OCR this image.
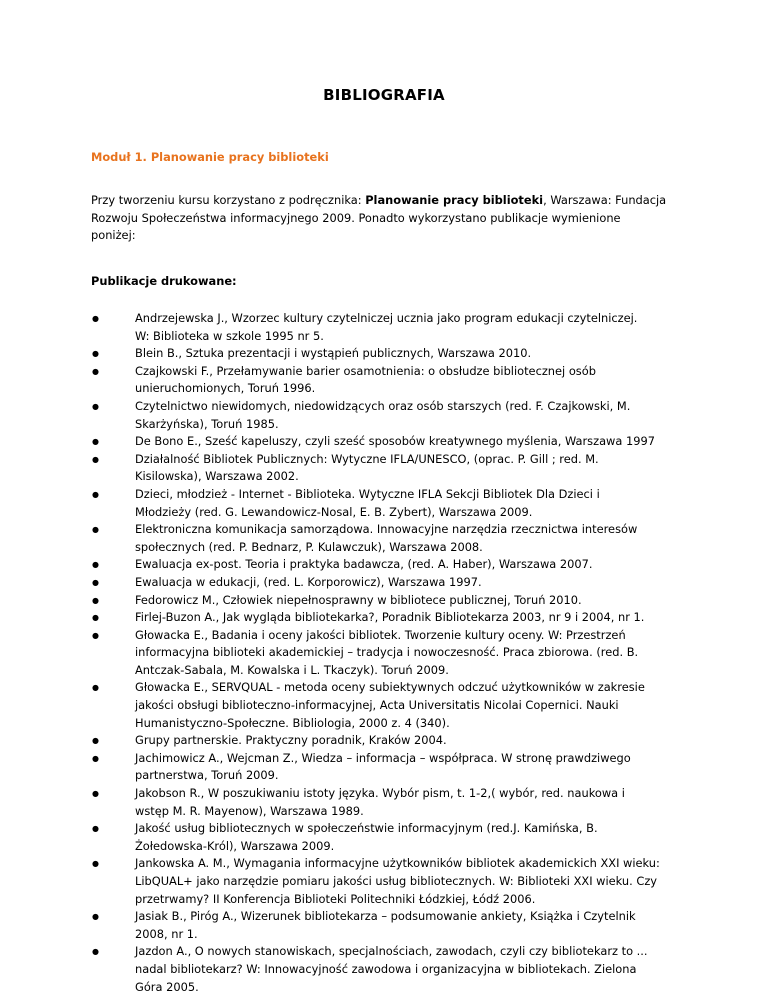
BIBLIOGRAFIA
Moduł 1. Planowanie pracy biblioteki
Przy tworzeniu kursu korzystano z podręcznika: Planowanie pracy biblioteki, Warszawa: Fundacja
Rozwoju Społeczeństwa informacyjnego 2009. Ponadto wykorzystano publikacje wymienione
poniżej:
Publikacje drukowane:
●	Andrzejewska J., Wzorzec kultury czytelniczej ucznia jako program edukacji czytelniczej.
W: Biblioteka w szkole 1995 nr 5.
●	Blein B., Sztuka prezentacji i wystąpień publicznych, Warszawa 2010.
●	Czajkowski F., Przełamywanie barier osamotnienia: o obsłudze bibliotecznej osób
unieruchomionych, Toruń 1996.
●	Czytelnictwo niewidomych, niedowidzących oraz osób starszych (red. F. Czajkowski, M.
Skarżyńska), Toruń 1985.
●	De Bono E., Sześć kapeluszy, czyli sześć sposobów kreatywnego myślenia, Warszawa 1997
●	Działalność Bibliotek Publicznych: Wytyczne IFLA/UNESCO, (oprac. P. Gill ; red. M.
Kisilowska), Warszawa 2002.
●	Dzieci, młodzież - Internet - Biblioteka. Wytyczne IFLA Sekcji Bibliotek Dla Dzieci i
Młodzieży (red. G. Lewandowicz-Nosal, E. B. Zybert), Warszawa 2009.
●	Elektroniczna komunikacja samorządowa. Innowacyjne narzędzia rzecznictwa interesów
społecznych (red. P. Bednarz, P. Kulawczuk), Warszawa 2008.
●	Ewaluacja ex-post. Teoria i praktyka badawcza, (red. A. Haber), Warszawa 2007.
●	Ewaluacja w edukacji, (red. L. Korporowicz), Warszawa 1997.
●	Fedorowicz M., Człowiek niepełnosprawny w bibliotece publicznej, Toruń 2010.
●	Firlej-Buzon A., Jak wygląda bibliotekarka?, Poradnik Bibliotekarza 2003, nr 9 i 2004, nr 1.
●	Głowacka E., Badania i oceny jakości bibliotek. Tworzenie kultury oceny. W: Przestrzeń
informacyjna biblioteki akademickiej – tradycja i nowoczesność. Praca zbiorowa. (red. B.
Antczak-Sabala, M. Kowalska i L. Tkaczyk). Toruń 2009.
●	Głowacka E., SERVQUAL - metoda oceny subiektywnych odczuć użytkowników w zakresie
jakości obsługi biblioteczno-informacyjnej, Acta Universitatis Nicolai Copernici. Nauki
Humanistyczno-Społeczne. Bibliologia, 2000 z. 4 (340).
●	Grupy partnerskie. Praktyczny poradnik, Kraków 2004.
●	Jachimowicz A., Wejcman Z., Wiedza – informacja – współpraca. W stronę prawdziwego
partnerstwa, Toruń 2009.
●	Jakobson R., W poszukiwaniu istoty języka. Wybór pism, t. 1-2,( wybór, red. naukowa i
wstęp M. R. Mayenow), Warszawa 1989.
●	Jakość usług bibliotecznych w społeczeństwie informacyjnym (red.J. Kamińska, B.
Żołedowska-Król), Warszawa 2009.
●	Jankowska A. M., Wymagania informacyjne użytkowników bibliotek akademickich XXI wieku:
LibQUAL+ jako narzędzie pomiaru jakości usług bibliotecznych. W: Biblioteki XXI wieku. Czy
przetrwamy? II Konferencja Biblioteki Politechniki Łódzkiej, Łódź 2006.
●	Jasiak B., Piróg A., Wizerunek bibliotekarza – podsumowanie ankiety, Książka i Czytelnik
2008, nr 1.
●	Jazdon A., O nowych stanowiskach, specjalnościach, zawodach, czyli czy bibliotekarz to ...
nadal bibliotekarz? W: Innowacyjność zawodowa i organizacyjna w bibliotekach. Zielona
Góra 2005.
